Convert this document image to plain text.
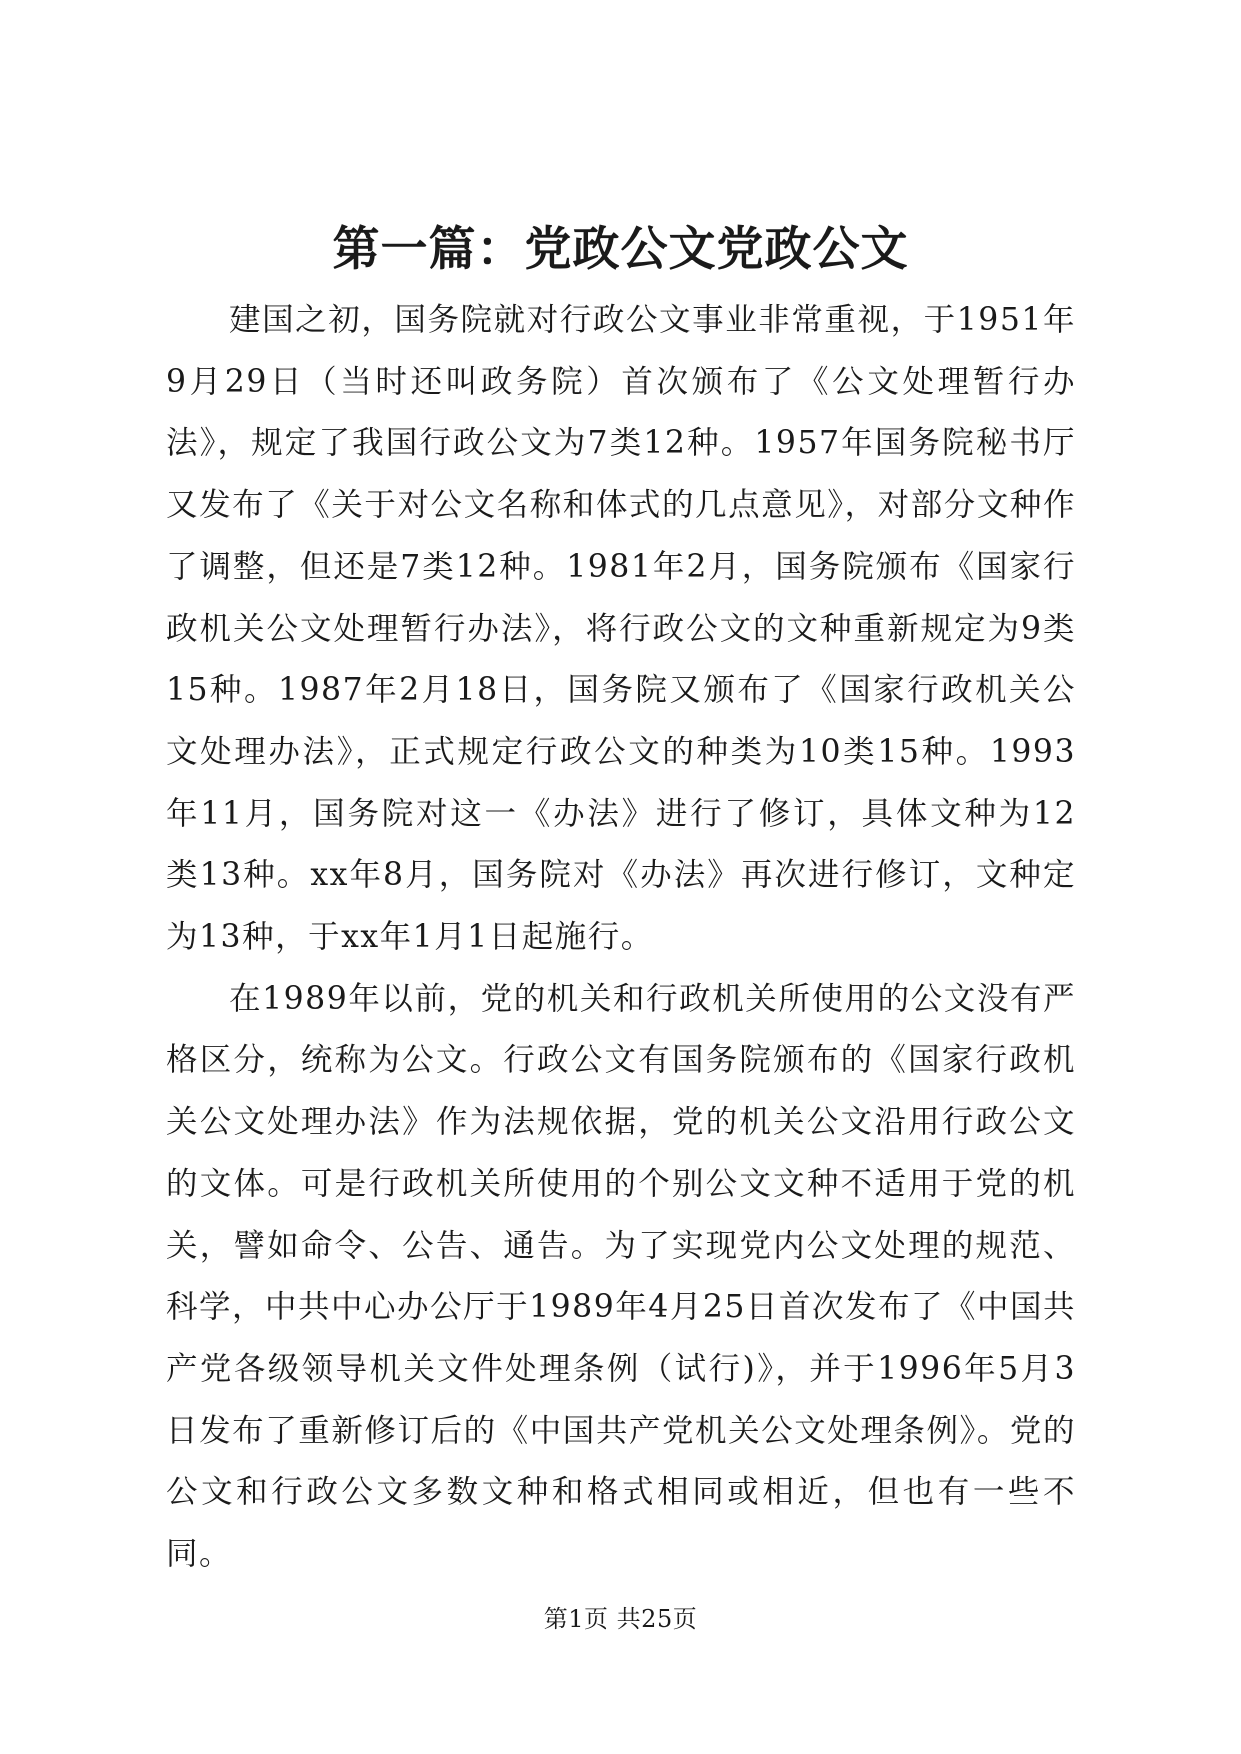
第一篇：党政公文党政公文

建国之初，国务院就对行政公文事业非常重视，于1951年9月29日（当时还叫政务院）首次颁布了《公文处理暂行办法》，规定了我国行政公文为7类12种。1957年国务院秘书厅又发布了《关于对公文名称和体式的几点意见》，对部分文种作了调整，但还是7类12种。1981年2月，国务院颁布《国家行政机关公文处理暂行办法》，将行政公文的文种重新规定为9类15种。1987年2月18日，国务院又颁布了《国家行政机关公文处理办法》，正式规定行政公文的种类为10类15种。1993年11月，国务院对这一《办法》进行了修订，具体文种为12类13种。xx年8月，国务院对《办法》再次进行修订，文种定为13种，于xx年1月1日起施行。

在1989年以前，党的机关和行政机关所使用的公文没有严格区分，统称为公文。行政公文有国务院颁布的《国家行政机关公文处理办法》作为法规依据，党的机关公文沿用行政公文的文体。可是行政机关所使用的个别公文文种不适用于党的机关，譬如命令、公告、通告。为了实现党内公文处理的规范、科学，中共中心办公厅于1989年4月25日首次发布了《中国共产党各级领导机关文件处理条例（试行)》，并于1996年5月3日发布了重新修订后的《中国共产党机关公文处理条例》。党的公文和行政公文多数文种和格式相同或相近，但也有一些不同。

第1页 共25页
